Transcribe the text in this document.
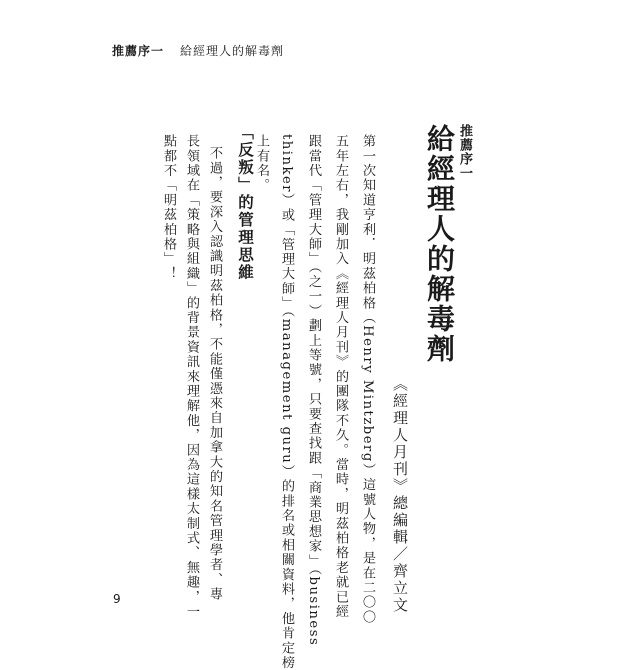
推薦序一 給經理人的解毒劑
推薦序一
給經理人的解毒劑
《經理人月刊》總編輯／齊立文
第一次知道亨利．明茲柏格（Henry Mintzberg）這號人物，是在二〇〇
五年左右，我剛加入《經理人月刊》的團隊不久。當時，明茲柏格老就已經
跟當代「管理大師」（之一）劃上等號，只要查找跟「商業思想家」（business
thinker）或「管理大師」（management guru）的排名或相關資料，他肯定榜
上有名。
「反叛」的管理思維
不過，要深入認識明茲柏格，不能僅憑來自加拿大的知名管理學者、專
長領域在「策略與組織」的背景資訊來理解他，因為這樣太制式、無趣，一
點都不「明茲柏格」！
9
